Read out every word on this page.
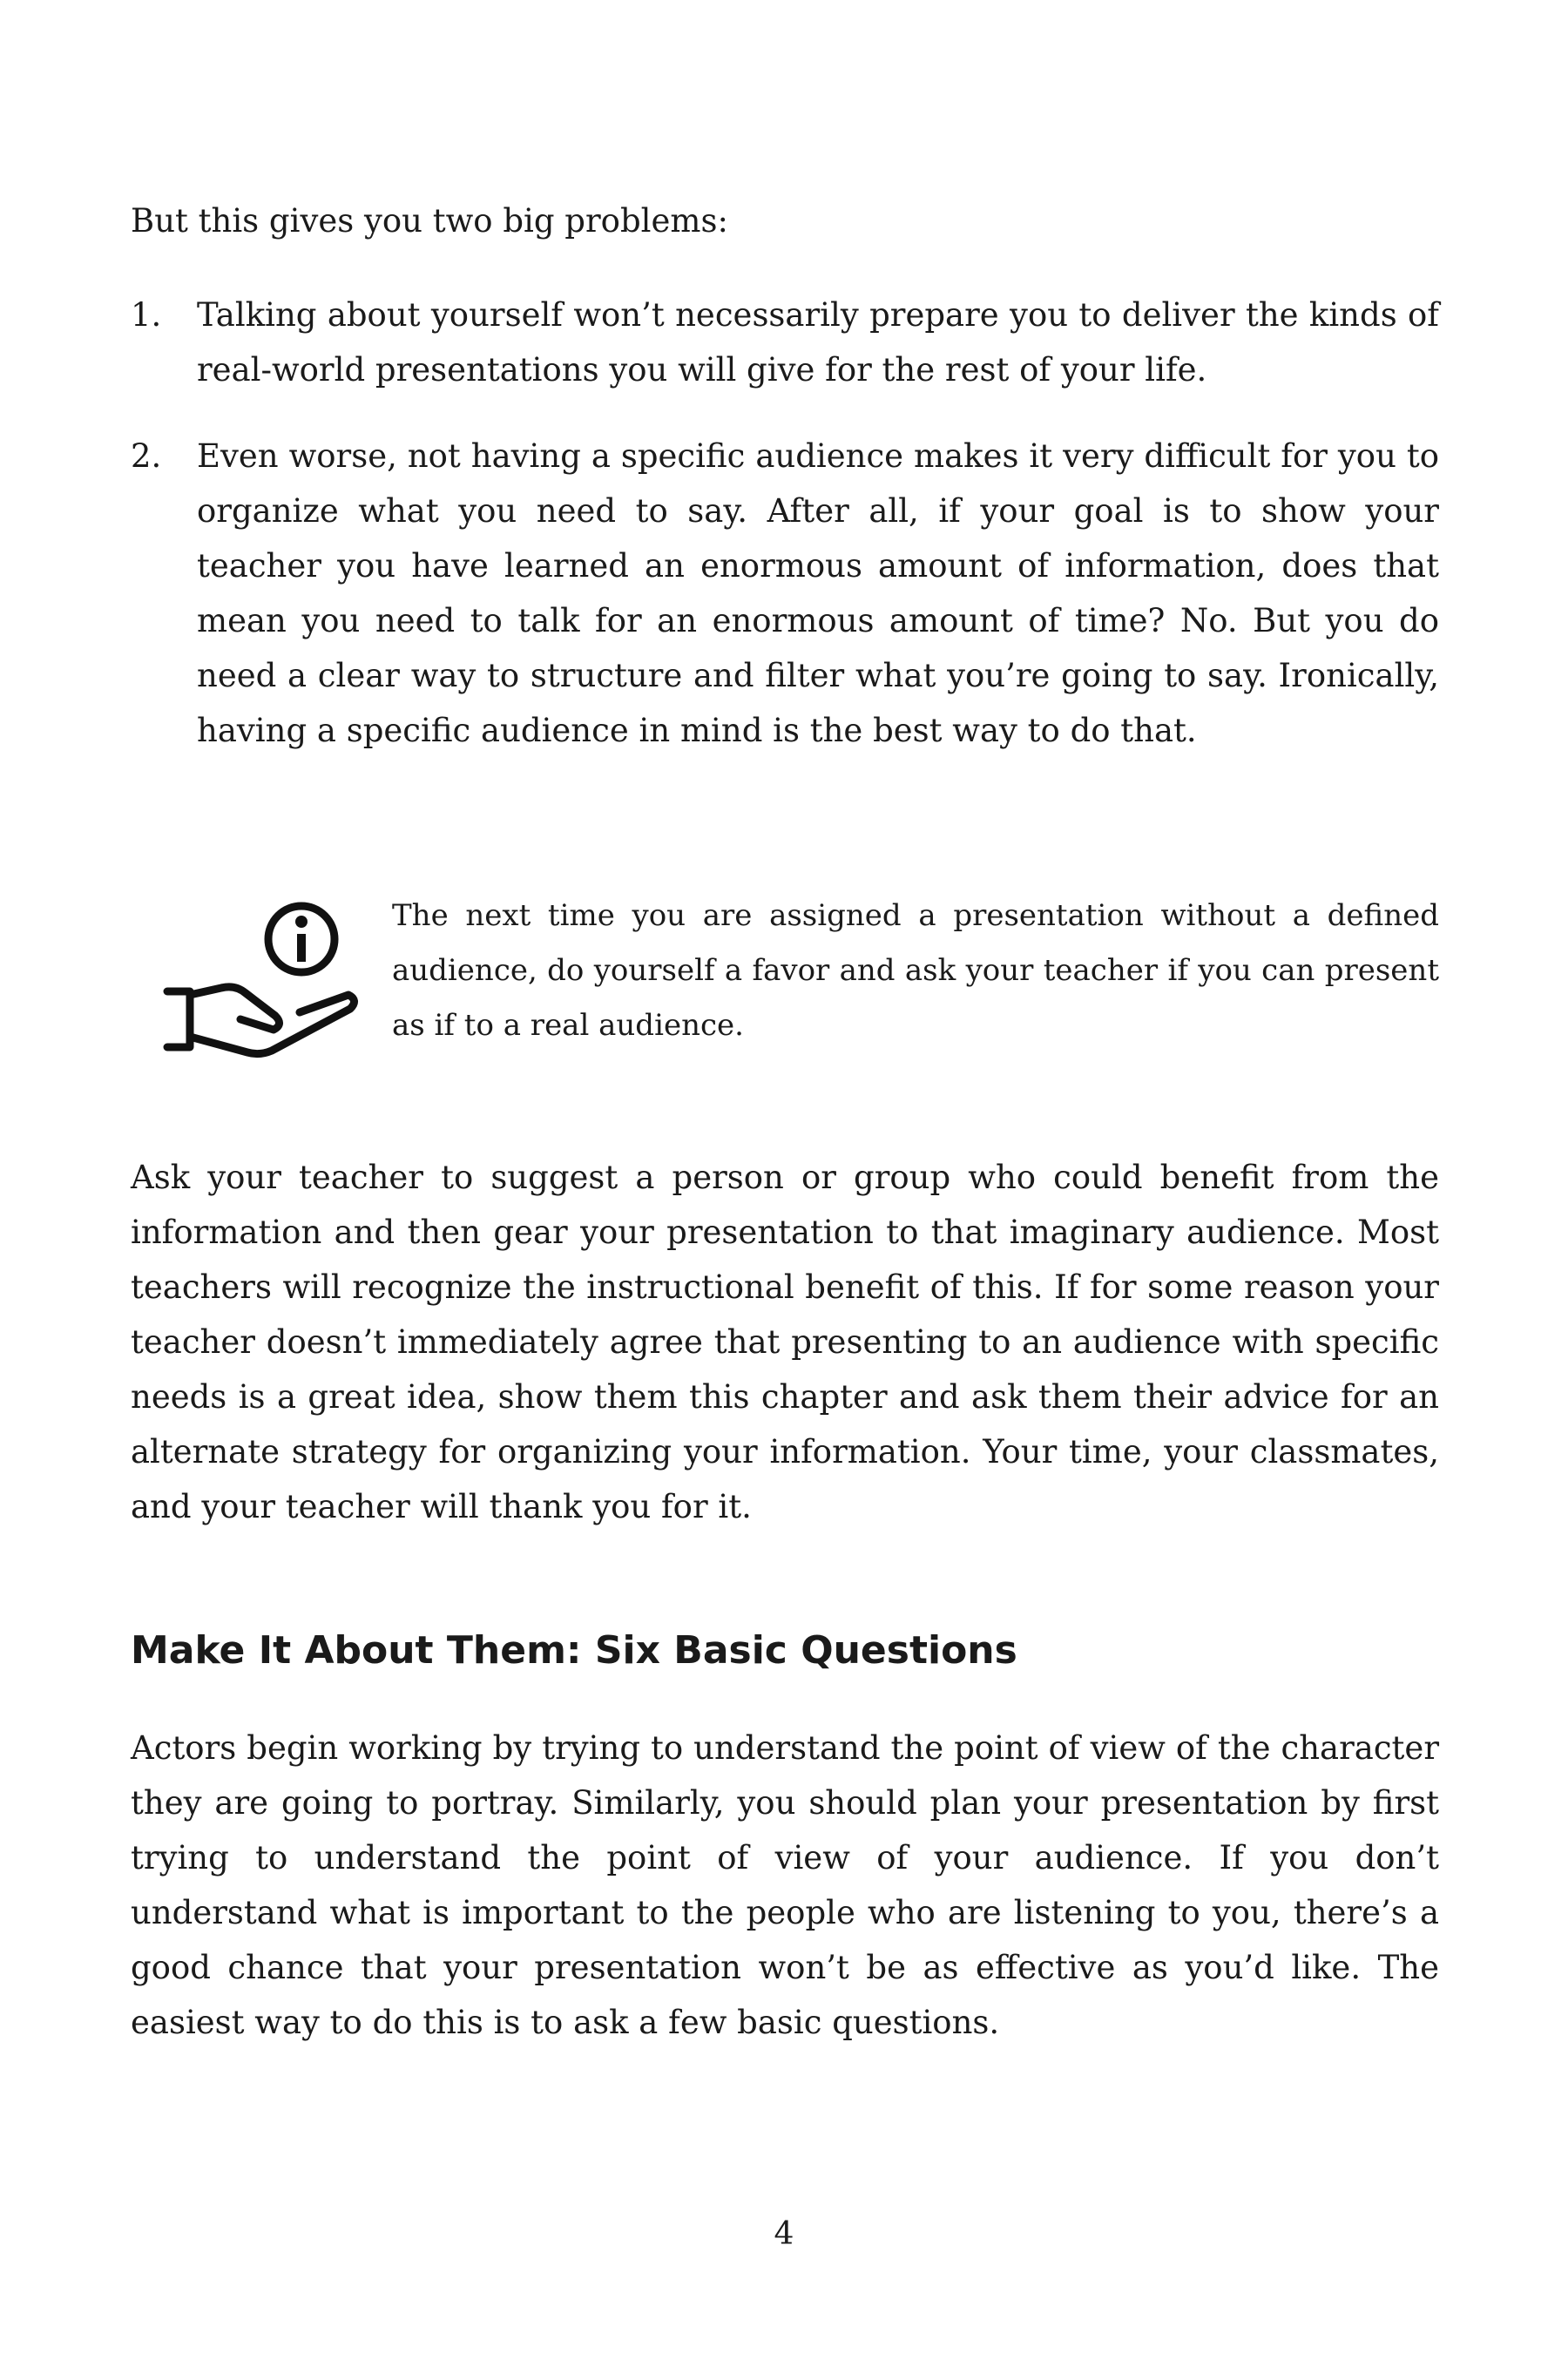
But this gives you two big problems:

1. Talking about yourself won’t necessarily prepare you to deliver the kinds of real-world presentations you will give for the rest of your life.
2. Even worse, not having a specific audience makes it very difficult for you to organize what you need to say. After all, if your goal is to show your teacher you have learned an enormous amount of information, does that mean you need to talk for an enormous amount of time? No. But you do need a clear way to structure and filter what you’re going to say. Ironically, having a specific audience in mind is the best way to do that.

The next time you are assigned a presentation without a defined audience, do yourself a favor and ask your teacher if you can present as if to a real audience.

Ask your teacher to suggest a person or group who could benefit from the information and then gear your presentation to that imaginary audience. Most teachers will recognize the instructional benefit of this. If for some reason your teacher doesn’t immediately agree that presenting to an audience with specific needs is a great idea, show them this chapter and ask them their advice for an alternate strategy for organizing your information. Your time, your classmates, and your teacher will thank you for it.

Make It About Them: Six Basic Questions

Actors begin working by trying to understand the point of view of the character they are going to portray. Similarly, you should plan your presentation by first trying to understand the point of view of your audience. If you don’t understand what is important to the people who are listening to you, there’s a good chance that your presentation won’t be as effective as you’d like. The easiest way to do this is to ask a few basic questions.

4
